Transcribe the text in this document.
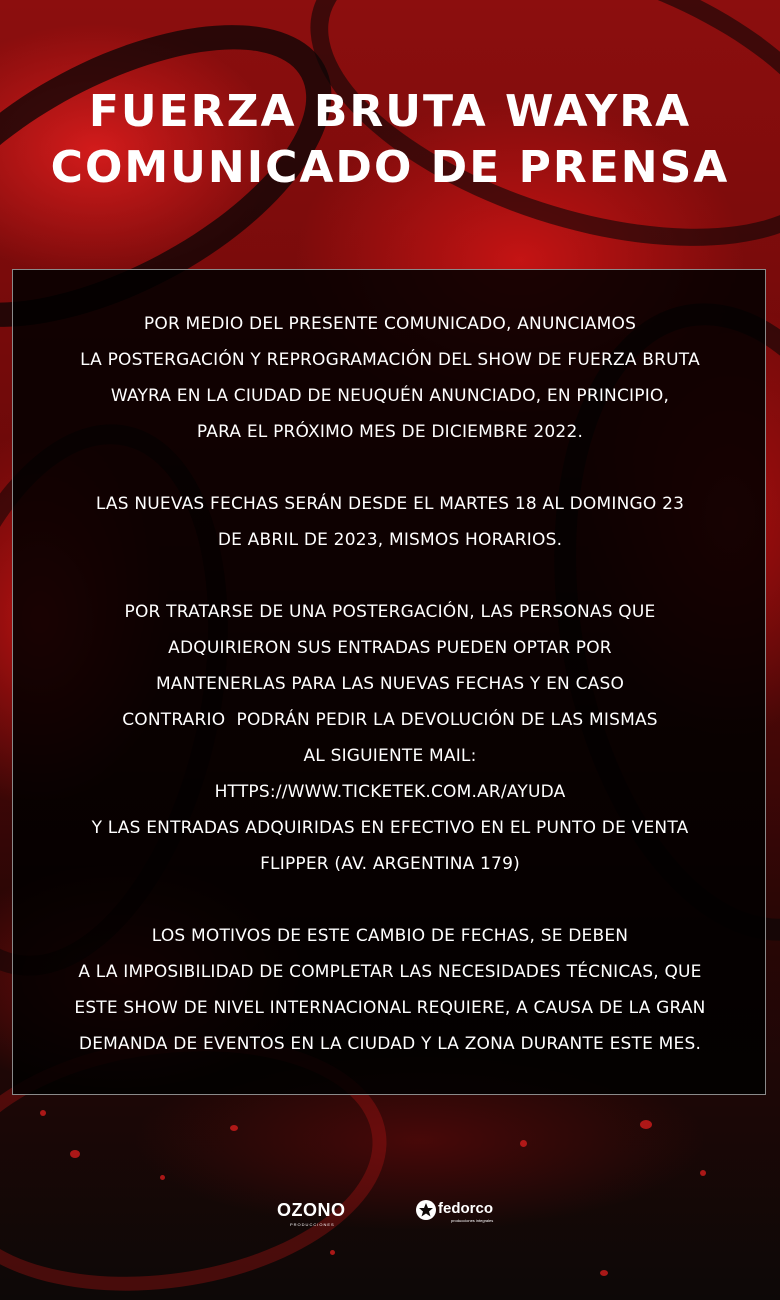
FUERZA BRUTA WAYRA
COMUNICADO DE PRENSA
POR MEDIO DEL PRESENTE COMUNICADO, ANUNCIAMOS
LA POSTERGACIÓN Y REPROGRAMACIÓN DEL SHOW DE FUERZA BRUTA
WAYRA EN LA CIUDAD DE NEUQUÉN ANUNCIADO, EN PRINCIPIO,
PARA EL PRÓXIMO MES DE DICIEMBRE 2022.
LAS NUEVAS FECHAS SERÁN DESDE EL MARTES 18 AL DOMINGO 23
DE ABRIL DE 2023, MISMOS HORARIOS.
POR TRATARSE DE UNA POSTERGACIÓN, LAS PERSONAS QUE
ADQUIRIERON SUS ENTRADAS PUEDEN OPTAR POR
MANTENERLAS PARA LAS NUEVAS FECHAS Y EN CASO
CONTRARIO  PODRÁN PEDIR LA DEVOLUCIÓN DE LAS MISMAS
AL SIGUIENTE MAIL:
HTTPS://WWW.TICKETEK.COM.AR/AYUDA
Y LAS ENTRADAS ADQUIRIDAS EN EFECTIVO EN EL PUNTO DE VENTA
FLIPPER (AV. ARGENTINA 179)
LOS MOTIVOS DE ESTE CAMBIO DE FECHAS, SE DEBEN
A LA IMPOSIBILIDAD DE COMPLETAR LAS NECESIDADES TÉCNICAS, QUE
ESTE SHOW DE NIVEL INTERNACIONAL REQUIERE, A CAUSA DE LA GRAN
DEMANDA DE EVENTOS EN LA CIUDAD Y LA ZONA DURANTE ESTE MES.
OZONO
PRODUCCIONES
fedorco
producciones integrales
